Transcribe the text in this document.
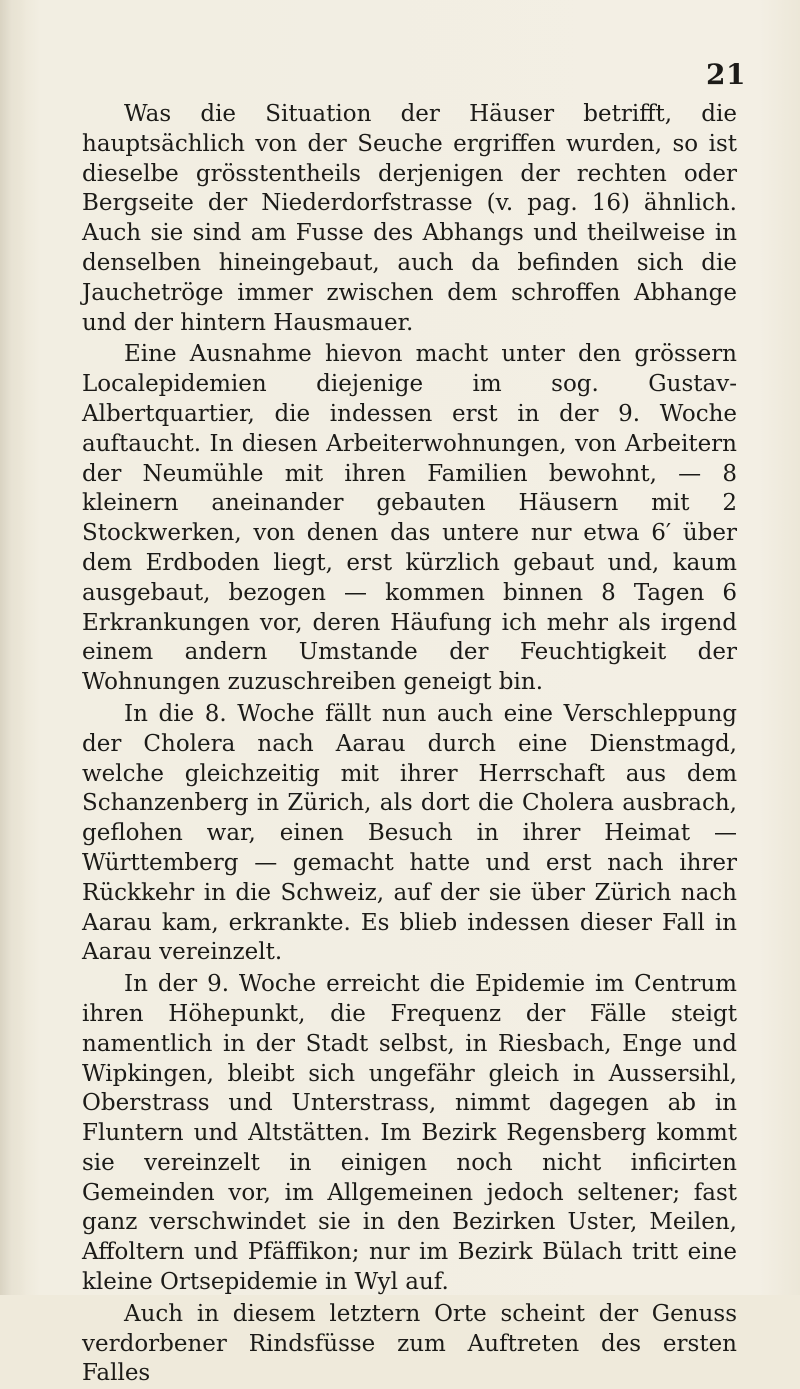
21

Was die Situation der Häuser betrifft, die hauptsächlich von der Seuche ergriffen wurden, so ist dieselbe grösstentheils derjenigen der rechten oder Bergseite der Niederdorfstrasse (v. pag. 16) ähnlich. Auch sie sind am Fusse des Abhangs und theilweise in denselben hineingebaut, auch da befinden sich die Jauchetröge immer zwischen dem schroffen Abhange und der hintern Hausmauer.

Eine Ausnahme hievon macht unter den grössern Localepidemien diejenige im sog. Gustav-Albertquartier, die indessen erst in der 9. Woche auftaucht. In diesen Arbeiterwohnungen, von Arbeitern der Neumühle mit ihren Familien bewohnt, — 8 kleinern aneinander gebauten Häusern mit 2 Stockwerken, von denen das untere nur etwa 6′ über dem Erdboden liegt, erst kürzlich gebaut und, kaum ausgebaut, bezogen — kommen binnen 8 Tagen 6 Erkrankungen vor, deren Häufung ich mehr als irgend einem andern Umstande der Feuchtigkeit der Wohnungen zuzuschreiben geneigt bin.

In die 8. Woche fällt nun auch eine Verschleppung der Cholera nach Aarau durch eine Dienstmagd, welche gleichzeitig mit ihrer Herrschaft aus dem Schanzenberg in Zürich, als dort die Cholera ausbrach, geflohen war, einen Besuch in ihrer Heimat — Württemberg — gemacht hatte und erst nach ihrer Rückkehr in die Schweiz, auf der sie über Zürich nach Aarau kam, erkrankte. Es blieb indessen dieser Fall in Aarau vereinzelt.

In der 9. Woche erreicht die Epidemie im Centrum ihren Höhepunkt, die Frequenz der Fälle steigt namentlich in der Stadt selbst, in Riesbach, Enge und Wipkingen, bleibt sich ungefähr gleich in Aussersihl, Oberstrass und Unterstrass, nimmt dagegen ab in Fluntern und Altstätten. Im Bezirk Regensberg kommt sie vereinzelt in einigen noch nicht inficirten Gemeinden vor, im Allgemeinen jedoch seltener; fast ganz verschwindet sie in den Bezirken Uster, Meilen, Affoltern und Pfäffikon; nur im Bezirk Bülach tritt eine kleine Ortsepidemie in Wyl auf.

Auch in diesem letztern Orte scheint der Genuss verdorbener Rindsfüsse zum Auftreten des ersten Falles
